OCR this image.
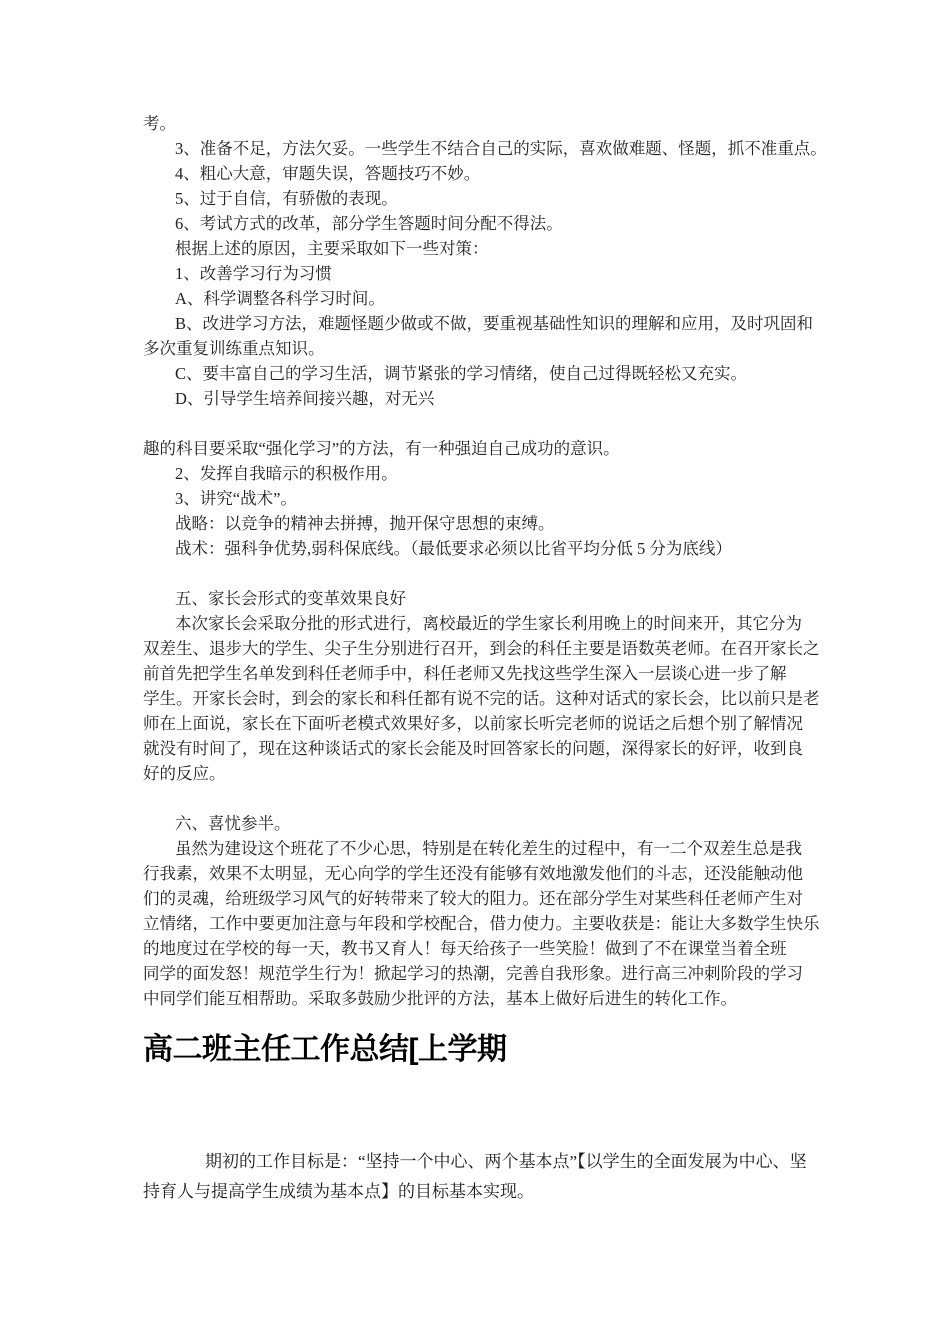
考。
3、准备不足，方法欠妥。一些学生不结合自己的实际，喜欢做难题、怪题，抓不准重点。
4、粗心大意，审题失误，答题技巧不妙。
5、过于自信，有骄傲的表现。
6、考试方式的改革，部分学生答题时间分配不得法。
根据上述的原因，主要采取如下一些对策：
1、改善学习行为习惯
A、科学调整各科学习时间。
B、改进学习方法，难题怪题少做或不做，要重视基础性知识的理解和应用，及时巩固和
多次重复训练重点知识。
C、要丰富自己的学习生活，调节紧张的学习情绪，使自己过得既轻松又充实。
D、引导学生培养间接兴趣，对无兴

趣的科目要采取“强化学习”的方法，有一种强迫自己成功的意识。
2、发挥自我暗示的积极作用。
3、讲究“战术”。
战略：以竞争的精神去拼搏，抛开保守思想的束缚。
战术：强科争优势,弱科保底线。（最低要求必须以比省平均分低 5 分为底线）

五、家长会形式的变革效果良好
本次家长会采取分批的形式进行，离校最近的学生家长利用晚上的时间来开，其它分为
双差生、退步大的学生、尖子生分别进行召开，到会的科任主要是语数英老师。在召开家长之
前首先把学生名单发到科任老师手中，科任老师又先找这些学生深入一层谈心进一步了解
学生。开家长会时，到会的家长和科任都有说不完的话。这种对话式的家长会，比以前只是老
师在上面说，家长在下面听老模式效果好多，以前家长听完老师的说话之后想个别了解情况
就没有时间了，现在这种谈话式的家长会能及时回答家长的问题，深得家长的好评，收到良
好的反应。

六、喜忧参半。
虽然为建设这个班花了不少心思，特别是在转化差生的过程中，有一二个双差生总是我
行我素，效果不太明显，无心向学的学生还没有能够有效地激发他们的斗志，还没能触动他
们的灵魂，给班级学习风气的好转带来了较大的阻力。还在部分学生对某些科任老师产生对
立情绪，工作中要更加注意与年段和学校配合，借力使力。主要收获是：能让大多数学生快乐
的地度过在学校的每一天，教书又育人！每天给孩子一些笑脸！做到了不在课堂当着全班
同学的面发怒！规范学生行为！掀起学习的热潮，完善自我形象。进行高三冲刺阶段的学习
中同学们能互相帮助。采取多鼓励少批评的方法，基本上做好后进生的转化工作。
高二班主任工作总结[上学期
期初的工作目标是：“坚持一个中心、两个基本点”【以学生的全面发展为中心、坚
持育人与提高学生成绩为基本点】的目标基本实现。
